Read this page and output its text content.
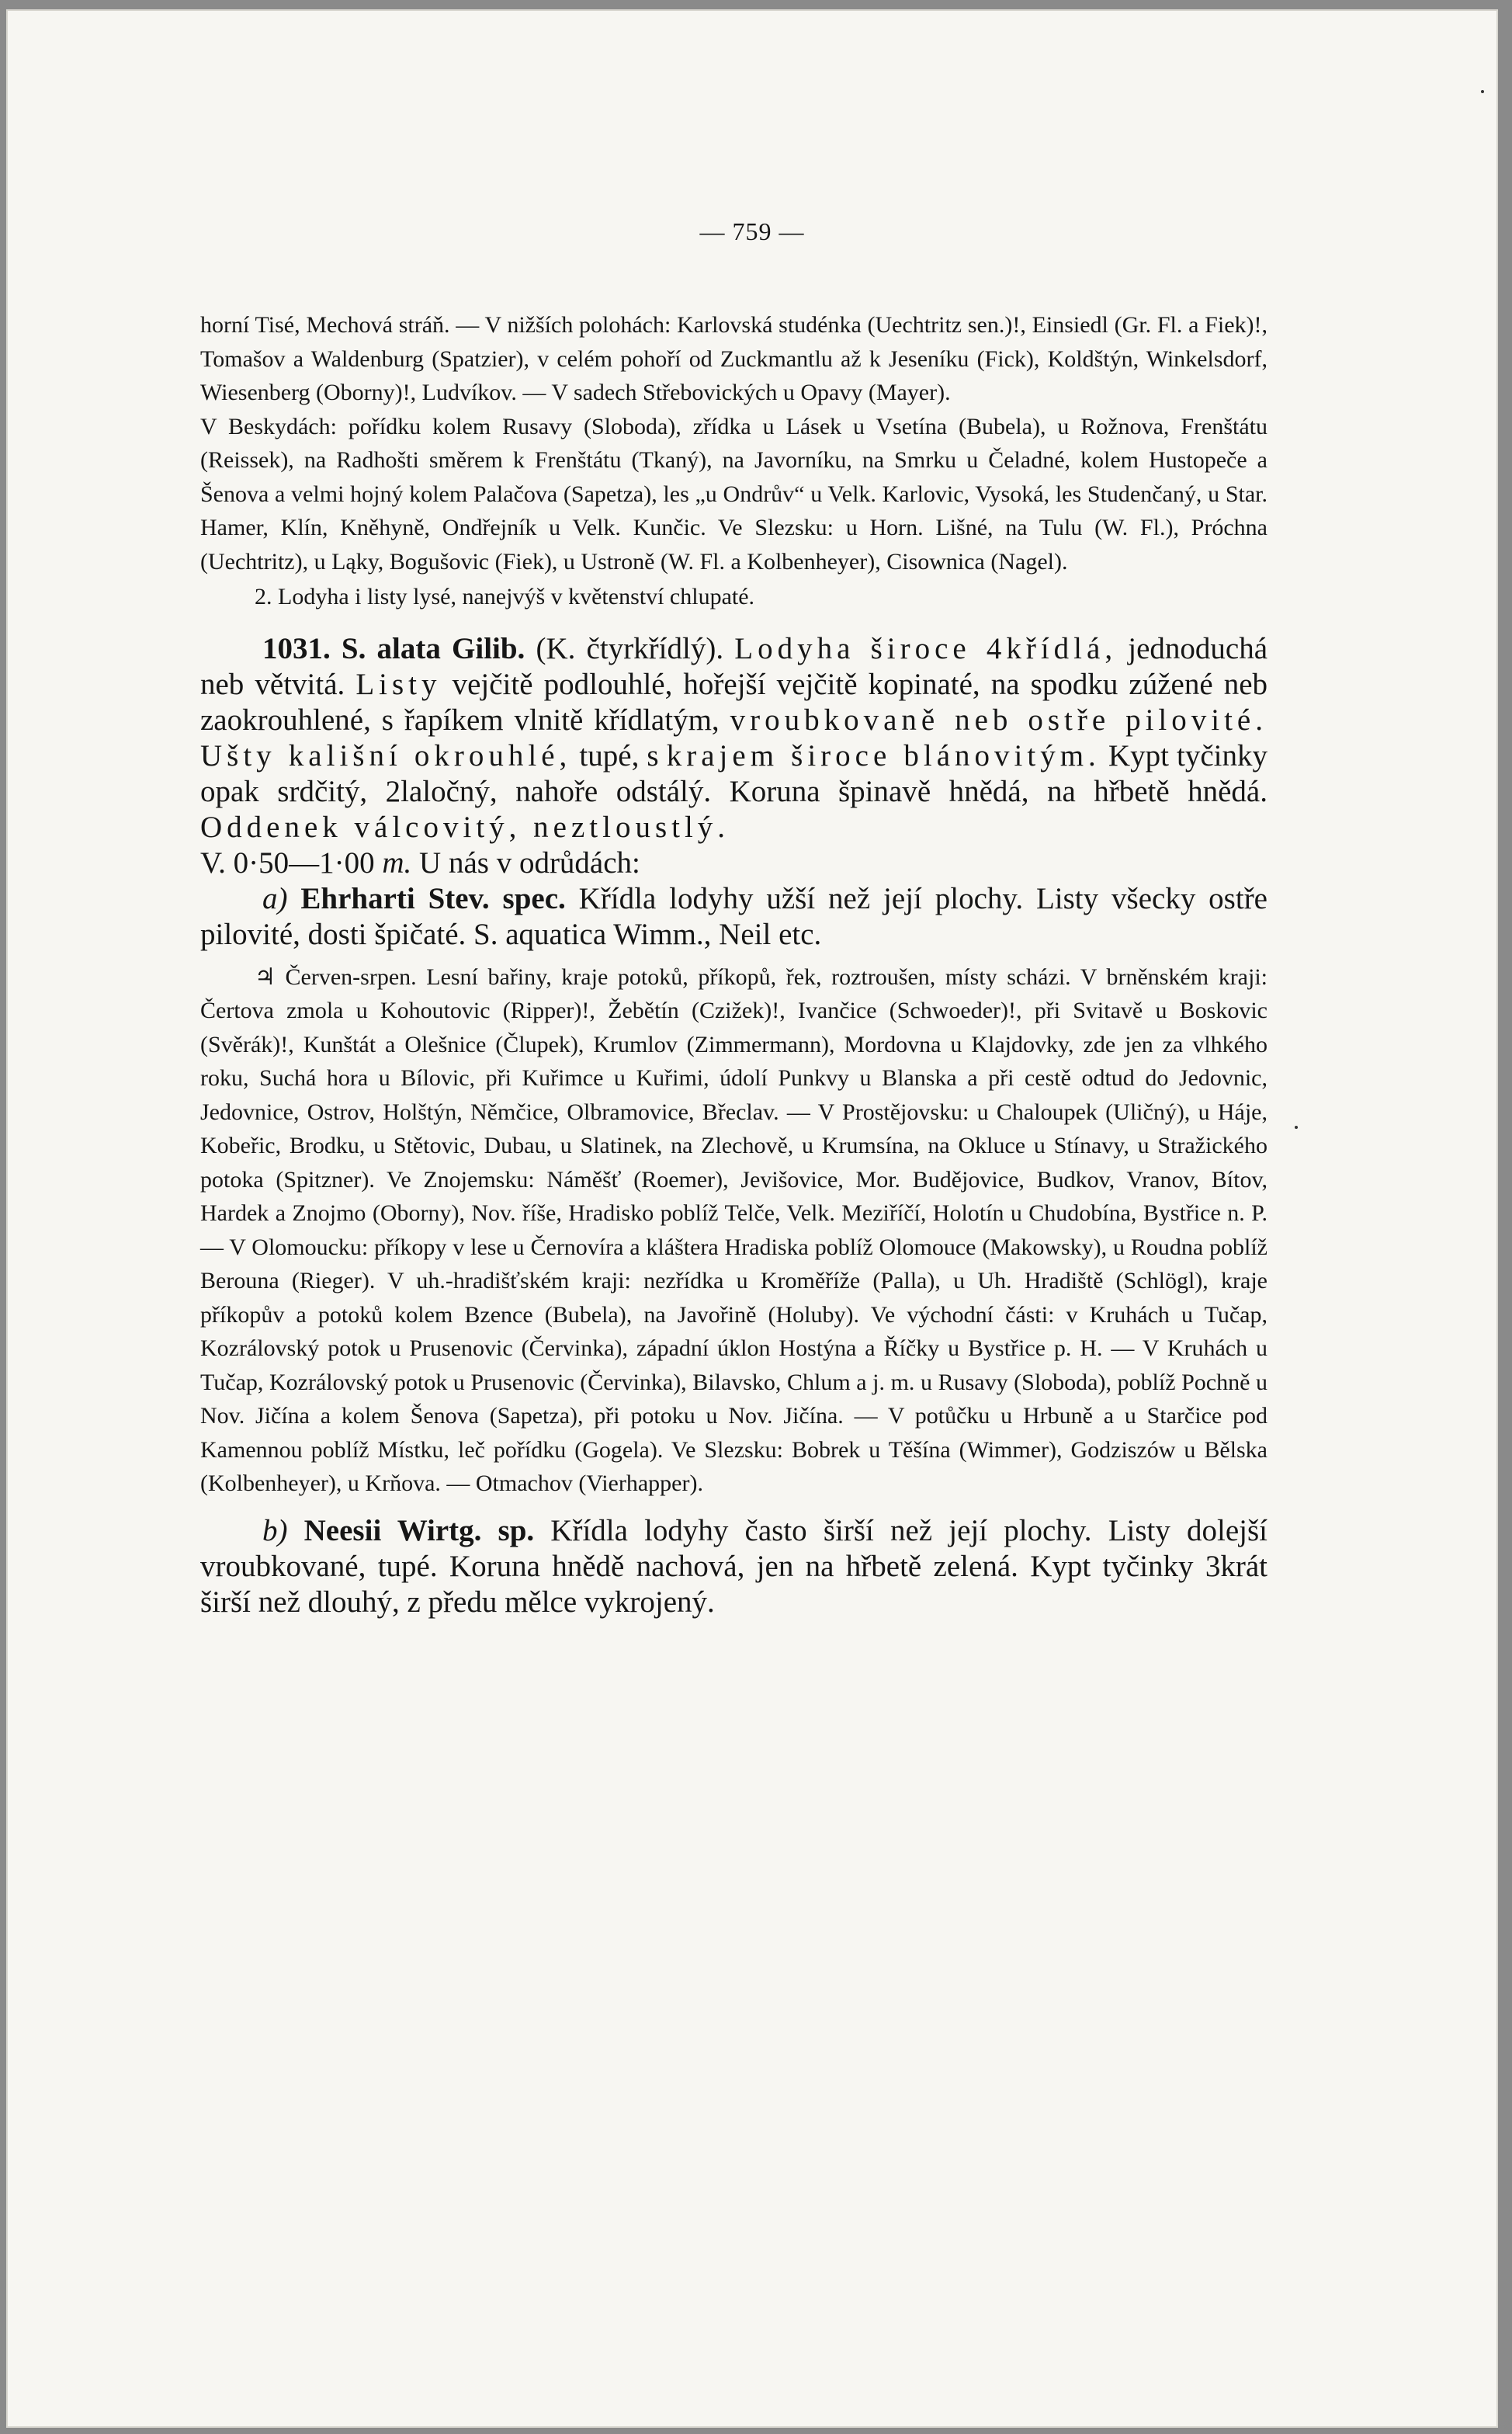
— 759 —

horní Tisé, Mechová stráň. — V nižších polohách: Karlovská studénka (Uechtritz sen.)!, Einsiedl (Gr. Fl. a Fiek)!, Tomašov a Waldenburg (Spatzier), v celém pohoří od Zuckmantlu až k Jeseníku (Fick), Koldštýn, Winkelsdorf, Wiesenberg (Oborny)!, Ludvíkov. — V sadech Střebovických u Opavy (Mayer).

V Beskydách: pořídku kolem Rusavy (Sloboda), zřídka u Lásek u Vsetína (Bubela), u Rožnova, Frenštátu (Reissek), na Radhošti směrem k Frenštátu (Tkaný), na Javorníku, na Smrku u Čeladné, kolem Hustopeče a Šenova a velmi hojný kolem Palačova (Sapetza), les „u Ondrův“ u Velk. Karlovic, Vysoká, les Studenčaný, u Star. Hamer, Klín, Kněhyně, Ondřejník u Velk. Kunčic. Ve Slezsku: u Horn. Lišné, na Tulu (W. Fl.), Próchna (Uechtritz), u Ląky, Bogušovic (Fiek), u Ustroně (W. Fl. a Kolbenheyer), Cisownica (Nagel).

2. Lodyha i listy lysé, nanejvýš v květenství chlupaté.

1031. S. alata Gilib. (K. čtyrkřídlý). Lodyha široce 4křídlá, jednoduchá neb větvitá. Listy vejčitě podlouhlé, hořejší vejčitě kopinaté, na spodku zúžené neb zaokrouhlené, s řapíkem vlnitě křídlatým, vroubkovaně neb ostře pilovité. Ušty kališní okrouhlé, tupé, s krajem široce blánovitým. Kypt tyčinky opak srdčitý, 2laločný, nahoře odstálý. Koruna špinavě hnědá, na hřbetě hnědá. Oddenek válcovitý, neztloustlý.

V. 0·50—1·00 m. U nás v odrůdách:

a) Ehrharti Stev. spec. Křídla lodyhy užší než její plochy. Listy všecky ostře pilovité, dosti špičaté. S. aquatica Wimm., Neil etc.

♃ Červen-srpen. Lesní bařiny, kraje potoků, příkopů, řek, roztroušen, místy scházi. V brněnském kraji: Čertova zmola u Kohoutovic (Ripper)!, Žebětín (Czižek)!, Ivančice (Schwoeder)!, při Svitavě u Boskovic (Svěrák)!, Kunštát a Olešnice (Člupek), Krumlov (Zimmermann), Mordovna u Klajdovky, zde jen za vlhkého roku, Suchá hora u Bílovic, při Kuřimce u Kuřimi, údolí Punkvy u Blanska a při cestě odtud do Jedovnic, Jedovnice, Ostrov, Holštýn, Němčice, Olbramovice, Břeclav. — V Prostějovsku: u Chaloupek (Uličný), u Háje, Kobeřic, Brodku, u Stětovic, Dubau, u Slatinek, na Zlechově, u Krumsína, na Okluce u Stínavy, u Stražického potoka (Spitzner). Ve Znojemsku: Náměšť (Roemer), Jevišovice, Mor. Budějovice, Budkov, Vranov, Bítov, Hardek a Znojmo (Oborny), Nov. říše, Hradisko poblíž Telče, Velk. Meziříčí, Holotín u Chudobína, Bystřice n. P. — V Olomoucku: příkopy v lese u Černovíra a kláštera Hradiska poblíž Olomouce (Makowsky), u Roudna poblíž Berouna (Rieger). V uh.-hradišťském kraji: nezřídka u Kroměříže (Palla), u Uh. Hradiště (Schlögl), kraje příkopův a potoků kolem Bzence (Bubela), na Javořině (Holuby). Ve východní části: v Kruhách u Tučap, Kozrálovský potok u Prusenovic (Červinka), západní úklon Hostýna a Říčky u Bystřice p. H. — V Kruhách u Tučap, Kozrálovský potok u Prusenovic (Červinka), Bilavsko, Chlum a j. m. u Rusavy (Sloboda), poblíž Pochně u Nov. Jičína a kolem Šenova (Sapetza), při potoku u Nov. Jičína. — V potůčku u Hrbuně a u Starčice pod Kamennou poblíž Místku, leč pořídku (Gogela). Ve Slezsku: Bobrek u Těšína (Wimmer), Godziszów u Bělska (Kolbenheyer), u Krňova. — Otmachov (Vierhapper).

b) Neesii Wirtg. sp. Křídla lodyhy často širší než její plochy. Listy dolejší vroubkované, tupé. Koruna hnědě nachová, jen na hřbetě zelená. Kypt tyčinky 3krát širší než dlouhý, z předu mělce vykrojený.
